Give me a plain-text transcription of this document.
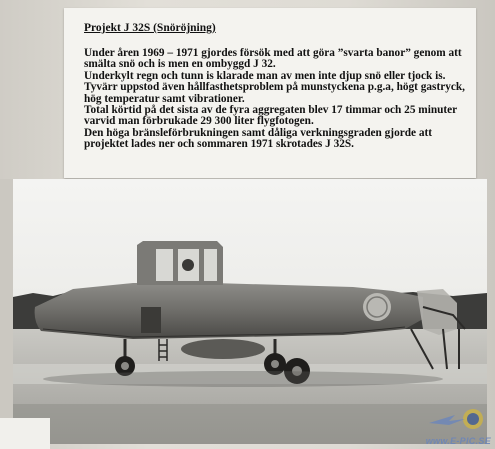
Projekt J 32S (Snöröjning)

Under åren 1969 – 1971 gjordes försök med att göra ”svarta banor” genom att smälta snö och is men en ombyggd J 32.

Underkylt regn och tunn is klarade man av men inte djup snö eller tjock is.

Tyvärr uppstod även hållfasthetsproblem på munstyckena p.g.a, högt gastryck, hög temperatur samt vibrationer.

Total körtid på det sista av de fyra aggregaten blev 17 timmar och 25 minuter varvid man förbrukade 29 300 liter flygfotogen.

Den höga bränsleförbrukningen samt dåliga verkningsgraden gjorde att projektet lades ner och sommaren 1971 skrotades J 32S.

www.E-PIC.SE
